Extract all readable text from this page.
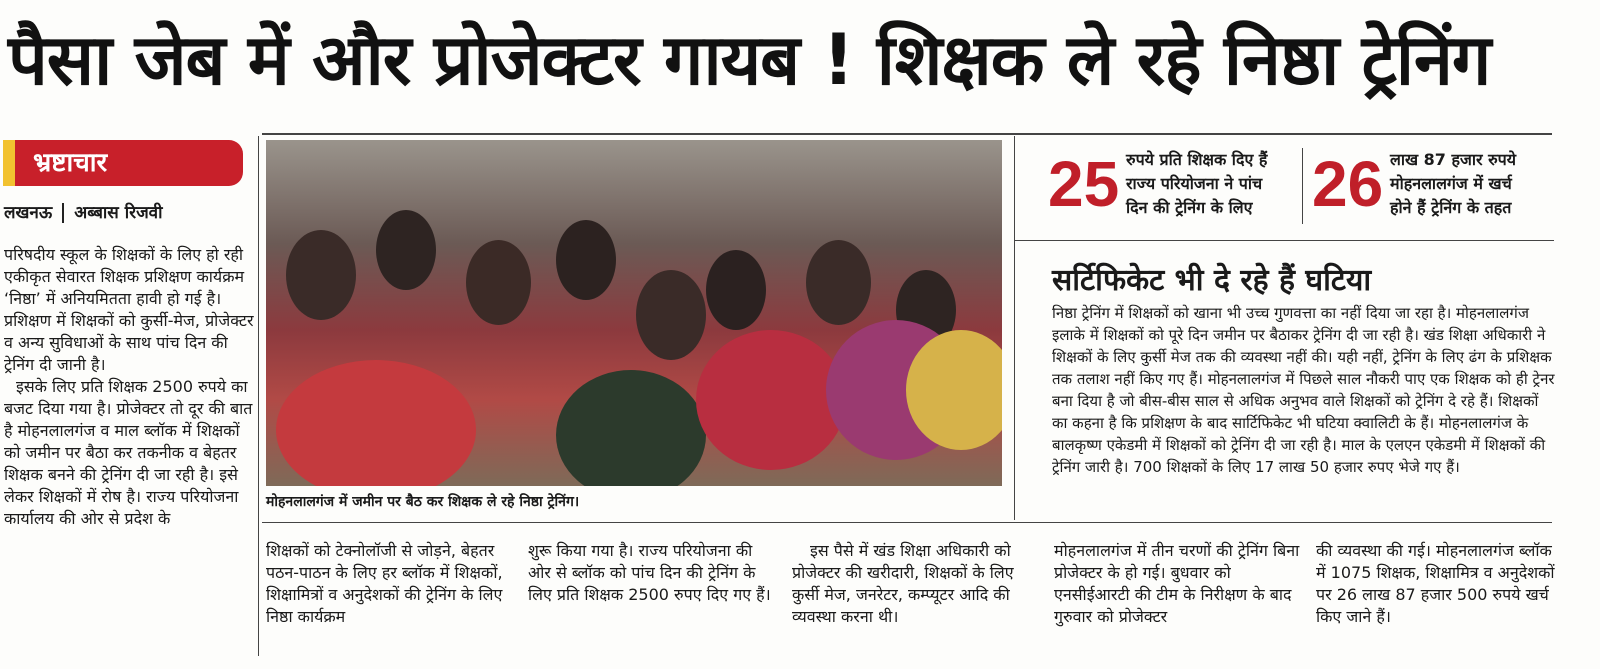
पैसा जेब में और प्रोजेक्टर गायब ! शिक्षक ले रहे निष्ठा ट्रेनिंग
भ्रष्टाचार
लखनऊ अब्बास रिजवी

परिषदीय स्कूल के शिक्षकों के लिए हो रही एकीकृत सेवारत शिक्षक प्रशिक्षण कार्यक्रम ‘निष्ठा’ में अनियमितता हावी हो गई है। प्रशिक्षण में शिक्षकों को कुर्सी-मेज, प्रोजेक्टर व अन्य सुविधाओं के साथ पांच दिन की ट्रेनिंग दी जानी है।

इसके लिए प्रति शिक्षक 2500 रुपये का बजट दिया गया है। प्रोजेक्टर तो दूर की बात है मोहनलालगंज व माल ब्लॉक में शिक्षकों को जमीन पर बैठा कर तकनीक व बेहतर शिक्षक बनने की ट्रेनिंग दी जा रही है। इसे लेकर शिक्षकों में रोष है। राज्य परियोजना कार्यालय की ओर से प्रदेश के

मोहनलालगंज में जमीन पर बैठ कर शिक्षक ले रहे निष्ठा ट्रेनिंग।
25 रुपये प्रति शिक्षक दिए हैं
राज्य परियोजना ने पांच
दिन की ट्रेनिंग के लिए 26 लाख 87 हजार रुपये
मोहनलालगंज में खर्च
होने हैं ट्रेनिंग के तहत
सर्टिफिकेट भी दे रहे हैं घटिया
निष्ठा ट्रेनिंग में शिक्षकों को खाना भी उच्च गुणवत्ता का नहीं दिया जा रहा है। मोहनलालगंज इलाके में शिक्षकों को पूरे दिन जमीन पर बैठाकर ट्रेनिंग दी जा रही है। खंड शिक्षा अधिकारी ने शिक्षकों के लिए कुर्सी मेज तक की व्यवस्था नहीं की। यही नहीं, ट्रेनिंग के लिए ढंग के प्रशिक्षक तक तलाश नहीं किए गए हैं। मोहनलालगंज में पिछले साल नौकरी पाए एक शिक्षक को ही ट्रेनर बना दिया है जो बीस-बीस साल से अधिक अनुभव वाले शिक्षकों को ट्रेनिंग दे रहे हैं। शिक्षकों का कहना है कि प्रशिक्षण के बाद सार्टिफिकेट भी घटिया क्वालिटी के हैं। मोहनलालगंज के बालकृष्ण एकेडमी में शिक्षकों को ट्रेनिंग दी जा रही है। माल के एलएन एकेडमी में शिक्षकों की ट्रेनिंग जारी है। 700 शिक्षकों के लिए 17 लाख 50 हजार रुपए भेजे गए हैं।

शिक्षकों को टेक्नोलॉजी से जोड़ने, बेहतर पठन-पाठन के लिए हर ब्लॉक में शिक्षकों, शिक्षामित्रों व अनुदेशकों की ट्रेनिंग के लिए निष्ठा कार्यक्रम

शुरू किया गया है। राज्य परियोजना की ओर से ब्लॉक को पांच दिन की ट्रेनिंग के लिए प्रति शिक्षक 2500 रुपए दिए गए हैं।

इस पैसे में खंड शिक्षा अधिकारी को प्रोजेक्टर की खरीदारी, शिक्षकों के लिए कुर्सी मेज, जनरेटर, कम्प्यूटर आदि की व्यवस्था करना थी।

मोहनलालगंज में तीन चरणों की ट्रेनिंग बिना प्रोजेक्टर के हो गई। बुधवार को एनसीईआरटी की टीम के निरीक्षण के बाद गुरुवार को प्रोजेक्टर

की व्यवस्था की गई। मोहनलालगंज ब्लॉक में 1075 शिक्षक, शिक्षामित्र व अनुदेशकों पर 26 लाख 87 हजार 500 रुपये खर्च किए जाने हैं।
